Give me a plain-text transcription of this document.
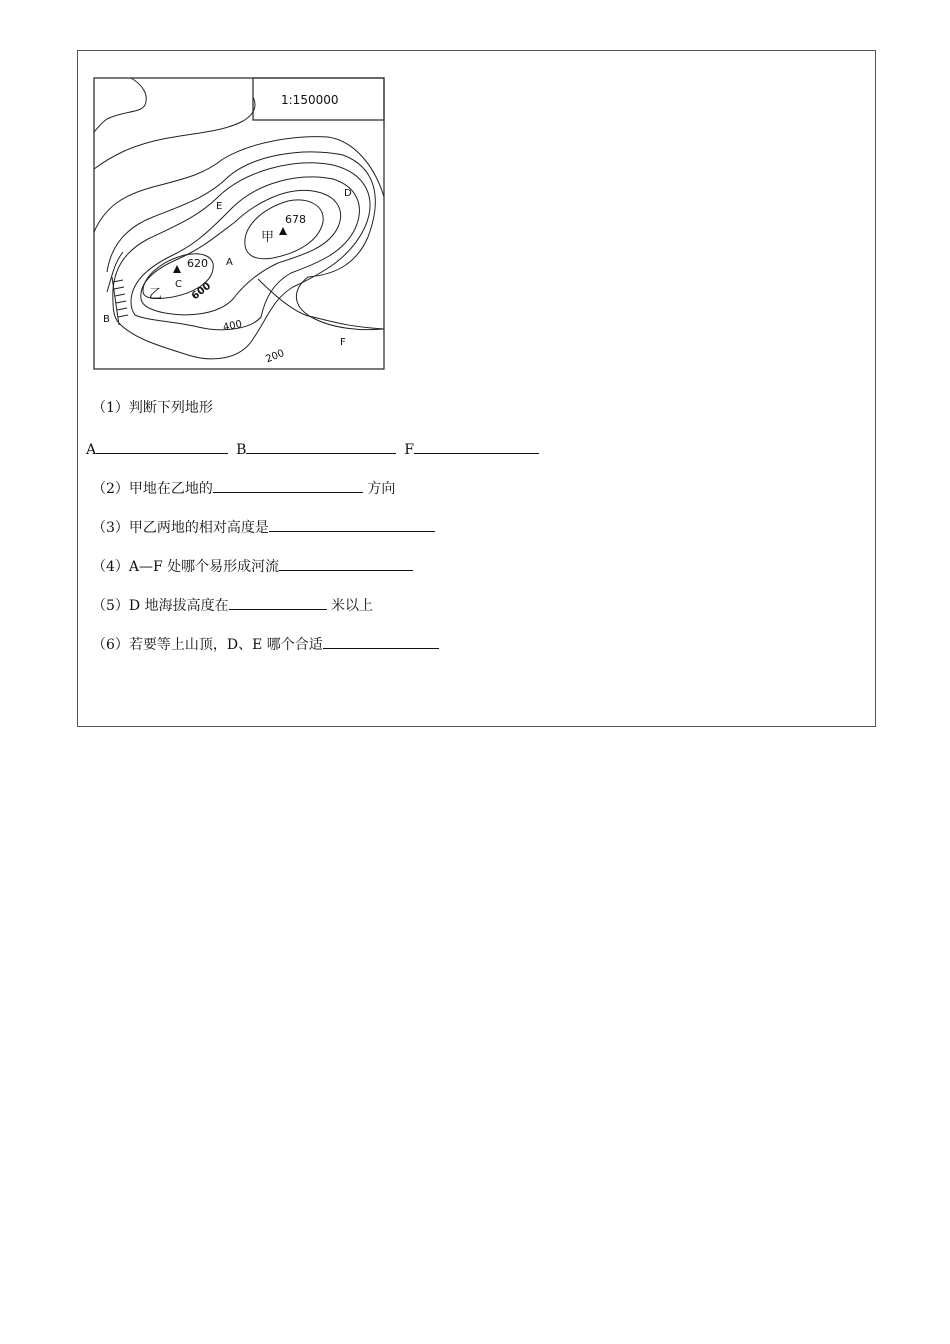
1:150000
D
E
A
B
F
C
甲
乙
678
620
600
400
200
（1）判断下列地形
A	B	F
（2）甲地在乙地的	方向
（3）甲乙两地的相对高度是
（4）A—F 处哪个易形成河流
（5）D 地海拔高度在	米以上
（6）若要等上山顶，D、E 哪个合适
